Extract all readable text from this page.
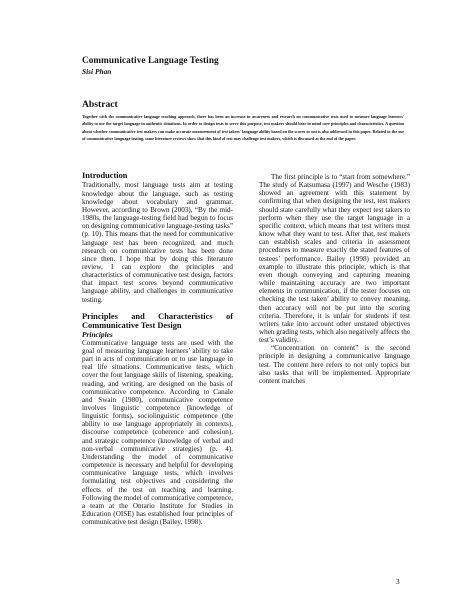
Communicative Language Testing
Sisi Phan
Abstract
Together with the communicative language teaching approach, there has been an increase in awareness and research on communicative tests used to measure language learners' ability to use the target language in authentic situations. In order to design tests to serve this purpose, test makers should bear in mind core principles and characteristics. A question about whether communicative test makers can make accurate measurement of test takers' language ability based on the scores or not is also addressed in this paper. Related to the use of communicative language testing, some literature reviews show that this kind of test may challenge test makers, which is discussed at the end of the paper.
Introduction

Traditionally, most language tests aim at testing knowledge about the language, such as testing knowledge about vocabulary and grammar. However, according to Brown (2003), “By the mid-1980s, the language-testing field had begun to focus on designing communicative language-testing tasks” (p. 10). This means that the need for communicative language test has been recognized, and much research on communicative tests has been done since then. I hope that by doing this literature review, I can explore the principles and characteristics of communicative test design, factors that impact test scores beyond communicative language ability, and challenges in communicative testing.

Principles and Characteristics of Communicative Test Design
Principles

Communicative language tests are used with the goal of measuring language learners’ ability to take part in acts of communication or to use language in real life situations. Communicative tests, which cover the four language skills of listening, speaking, reading, and writing, are designed on the basis of communicative competence. According to Canale and Swain (1980), communicative competence involves linguistic competence (knowledge of linguistic forms), sociolinguistic competence (the ability to use language appropriately in contexts), discourse competence (coherence and cohesion), and strategic competence (knowledge of verbal and non-verbal communicative strategies) (p. 4). Understanding the model of communicative competence is necessary and helpful for developing communicative language tests, which involves formulating test objectives and considering the effects of the test on teaching and learning. Following the model of communicative competence, a team at the Ontario Institute for Studies in Education (OISE) has established four principles of communicative test design (Bailey, 1998).

The first principle is to “start from somewhere.” The study of Katsumasa (1997) and Wesche (1983) showed an agreement with this statement by confirming that when designing the test, test makers should state carefully what they expect test takers to perform when they use the target language in a specific context, which means that test writers must know what they want to test. After that, test makers can establish scales and criteria in assessment procedures to measure exactly the stated features of testees’ performance. Bailey (1998) provided an example to illustrate this principle, which is that even though conveying and capturing meaning while maintaining accuracy are two important elements in communication, if the tester focuses on checking the test taken’ ability to convey meaning, then accuracy will not be put into the scoring criteria. Therefore, it is unfair for students if test writers take into account other unstated objectives when grading tests, which also negatively affects the test’s validity.

“Concentration on content” is the second principle in designing a communicative language test. The content here refers to not only topics but also tasks that will be implemented. Appropriate content matches

3
